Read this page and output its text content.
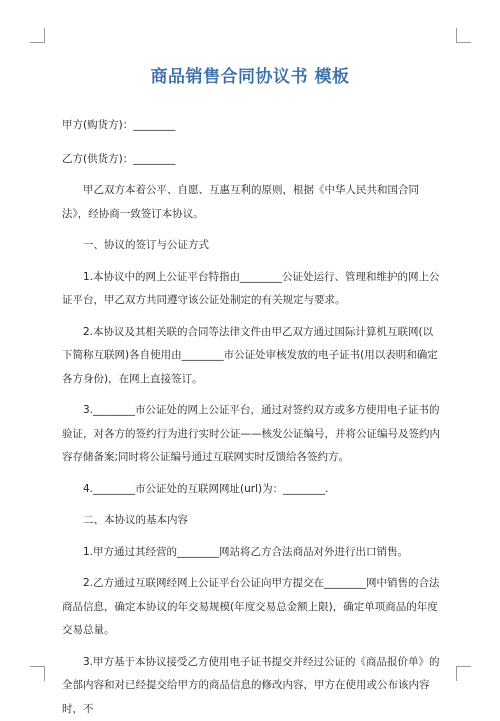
商品销售合同协议书 模板

甲方(购货方)：________

乙方(供货方)：________

甲乙双方本着公平、自愿、互惠互利的原则，根据《中华人民共和国合同法》，经协商一致签订本协议。

一、协议的签订与公证方式

1.本协议中的网上公证平台特指由________公证处运行、管理和维护的网上公证平台，甲乙双方共同遵守该公证处制定的有关规定与要求。

2.本协议及其相关联的合同等法律文件由甲乙双方通过国际计算机互联网(以下简称互联网)各自使用由________市公证处审核发放的电子证书(用以表明和确定各方身份)，在网上直接签订。

3.________市公证处的网上公证平台，通过对签约双方或多方使用电子证书的验证，对各方的签约行为进行实时公证——核发公证编号，并将公证编号及签约内容存储备案;同时将公证编号通过互联网实时反馈给各签约方。

4.________市公证处的互联网网址(url)为：________.

二、本协议的基本内容

1.甲方通过其经营的________网站将乙方合法商品对外进行出口销售。

2.乙方通过互联网经网上公证平台公证向甲方提交在________网中销售的合法商品信息，确定本协议的年交易规模(年度交易总金额上限)，确定单项商品的年度交易总量。

3.甲方基于本协议接受乙方使用电子证书提交并经过公证的《商品报价单》的全部内容和对已经提交给甲方的商品信息的修改内容，甲方在使用或公布该内容时，不
